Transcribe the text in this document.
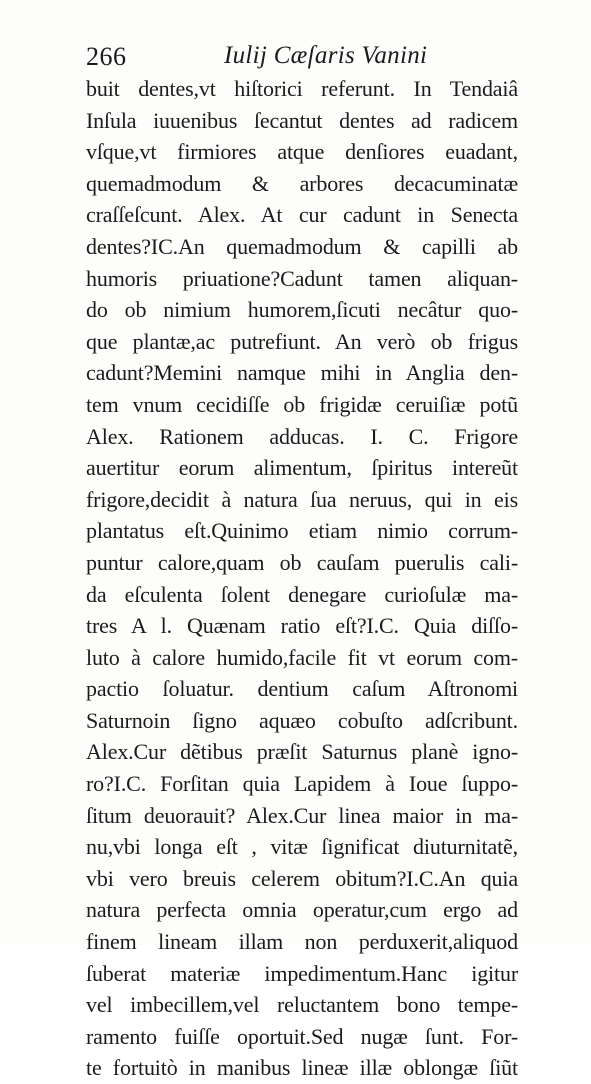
266	Iulij Cæſaris Vanini
buit dentes,vt hiſtorici referunt. In Tendaiâ
Inſula iuuenibus ſecantut dentes ad radicem
vſque,vt firmiores atque denſiores euadant,
quemadmodum & arbores decacuminatæ
craſſeſcunt. Alex. At cur cadunt in Senecta
dentes?IC.An quemadmodum & capilli ab
humoris priuatione?Cadunt tamen aliquan-
do ob nimium humorem,ſicuti necâtur quo-
que plantæ,ac putrefiunt. An verò ob frigus
cadunt?Memini namque mihi in Anglia den-
tem vnum cecidiſſe ob frigidæ ceruiſiæ potũ
Alex. Rationem adducas. I. C. Frigore
auertitur eorum alimentum, ſpiritus intereũt
frigore,decidit à natura ſua neruus, qui in eis
plantatus eſt.Quinimo etiam nimio corrum-
puntur calore,quam ob cauſam puerulis cali-
da eſculenta ſolent denegare curioſulæ ma-
tres A l. Quænam ratio eſt?I.C. Quia diſſo-
luto à calore humido,facile fit vt eorum com-
pactio ſoluatur. dentium caſum Aſtronomi
Saturnoin ſigno aquæo cobuſto adſcribunt.
Alex.Cur dẽtibus præſit Saturnus planè igno-
ro?I.C. Forſitan quia Lapidem à Ioue ſuppo-
ſitum deuorauit? Alex.Cur linea maior in ma-
nu,vbi longa eſt , vitæ ſignificat diuturnitatẽ,
vbi vero breuis celerem obitum?I.C.An quia
natura perfecta omnia operatur,cum ergo ad
finem lineam illam non perduxerit,aliquod
ſuberat materiæ impedimentum.Hanc igitur
vel imbecillem,vel reluctantem bono tempe-
ramento fuiſſe oportuit.Sed nugæ ſunt. For-
te fortuitò in manibus lineæ illæ oblongæ ſiũt
